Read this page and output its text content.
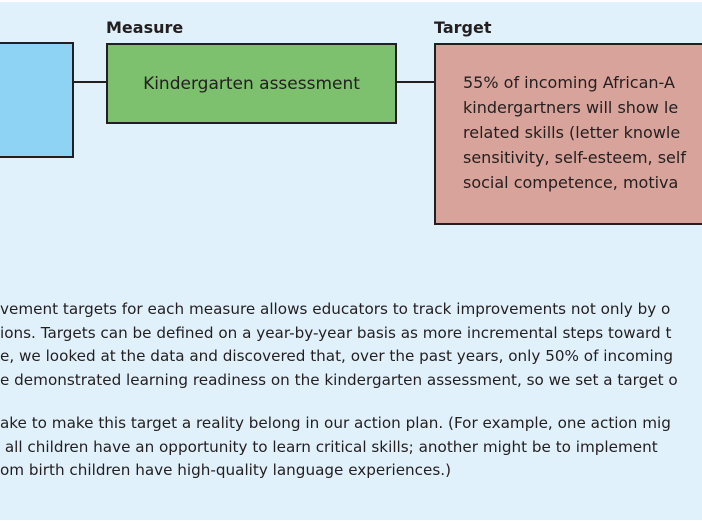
Measure	Target
Kindergarten assessment	55% of incoming African-A
kindergartners will show le
related skills (letter knowle
sensitivity, self-esteem, self
social competence, motiva
vement targets for each measure allows educators to track improvements not only by o
ions. Targets can be defined on a year-by-year basis as more incremental steps toward t
e, we looked at the data and discovered that, over the past years, only 50% of incoming
e demonstrated learning readiness on the kindergarten assessment, so we set a target o
ake to make this target a reality belong in our action plan. (For example, one action mig
all children have an opportunity to learn critical skills; another might be to implement
om birth children have high-quality language experiences.)
